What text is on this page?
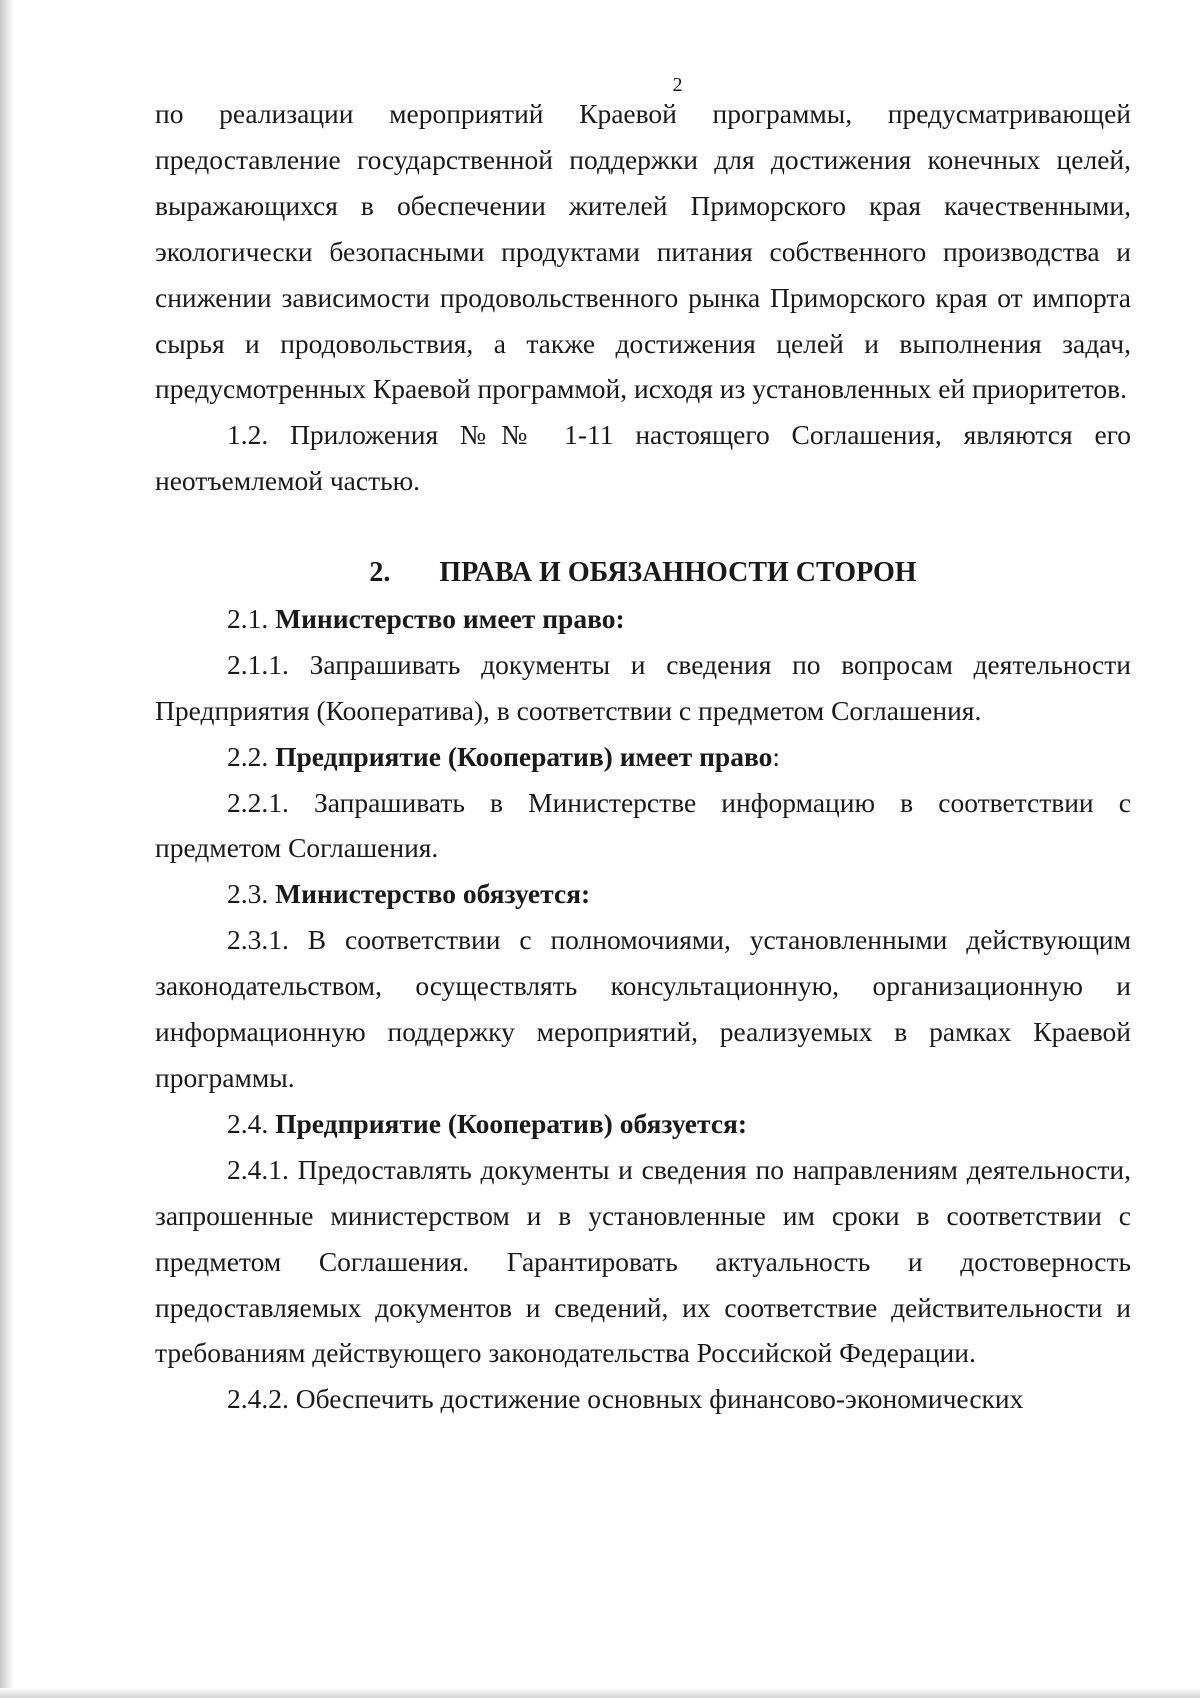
2

по реализации мероприятий Краевой программы, предусматривающей предоставление государственной поддержки для достижения конечных целей, выражающихся в обеспечении жителей Приморского края качественными, экологически безопасными продуктами питания собственного производства и снижении зависимости продовольственного рынка Приморского края от импорта сырья и продовольствия, а также достижения целей и выполнения задач, предусмотренных Краевой программой, исходя из установленных ей приоритетов.

1.2. Приложения №№ 1-11 настоящего Соглашения, являются его неотъемлемой частью.

2. ПРАВА И ОБЯЗАННОСТИ СТОРОН

2.1. Министерство имеет право:

2.1.1. Запрашивать документы и сведения по вопросам деятельности Предприятия (Кооператива), в соответствии с предметом Соглашения.

2.2. Предприятие (Кооператив) имеет право:

2.2.1. Запрашивать в Министерстве информацию в соответствии с предметом Соглашения.

2.3. Министерство обязуется:

2.3.1. В соответствии с полномочиями, установленными действующим законодательством, осуществлять консультационную, организационную и информационную поддержку мероприятий, реализуемых в рамках Краевой программы.

2.4. Предприятие (Кооператив) обязуется:

2.4.1. Предоставлять документы и сведения по направлениям деятельности, запрошенные министерством и в установленные им сроки в соответствии с предметом Соглашения. Гарантировать актуальность и достоверность предоставляемых документов и сведений, их соответствие действительности и требованиям действующего законодательства Российской Федерации.

2.4.2. Обеспечить достижение основных финансово-экономических
